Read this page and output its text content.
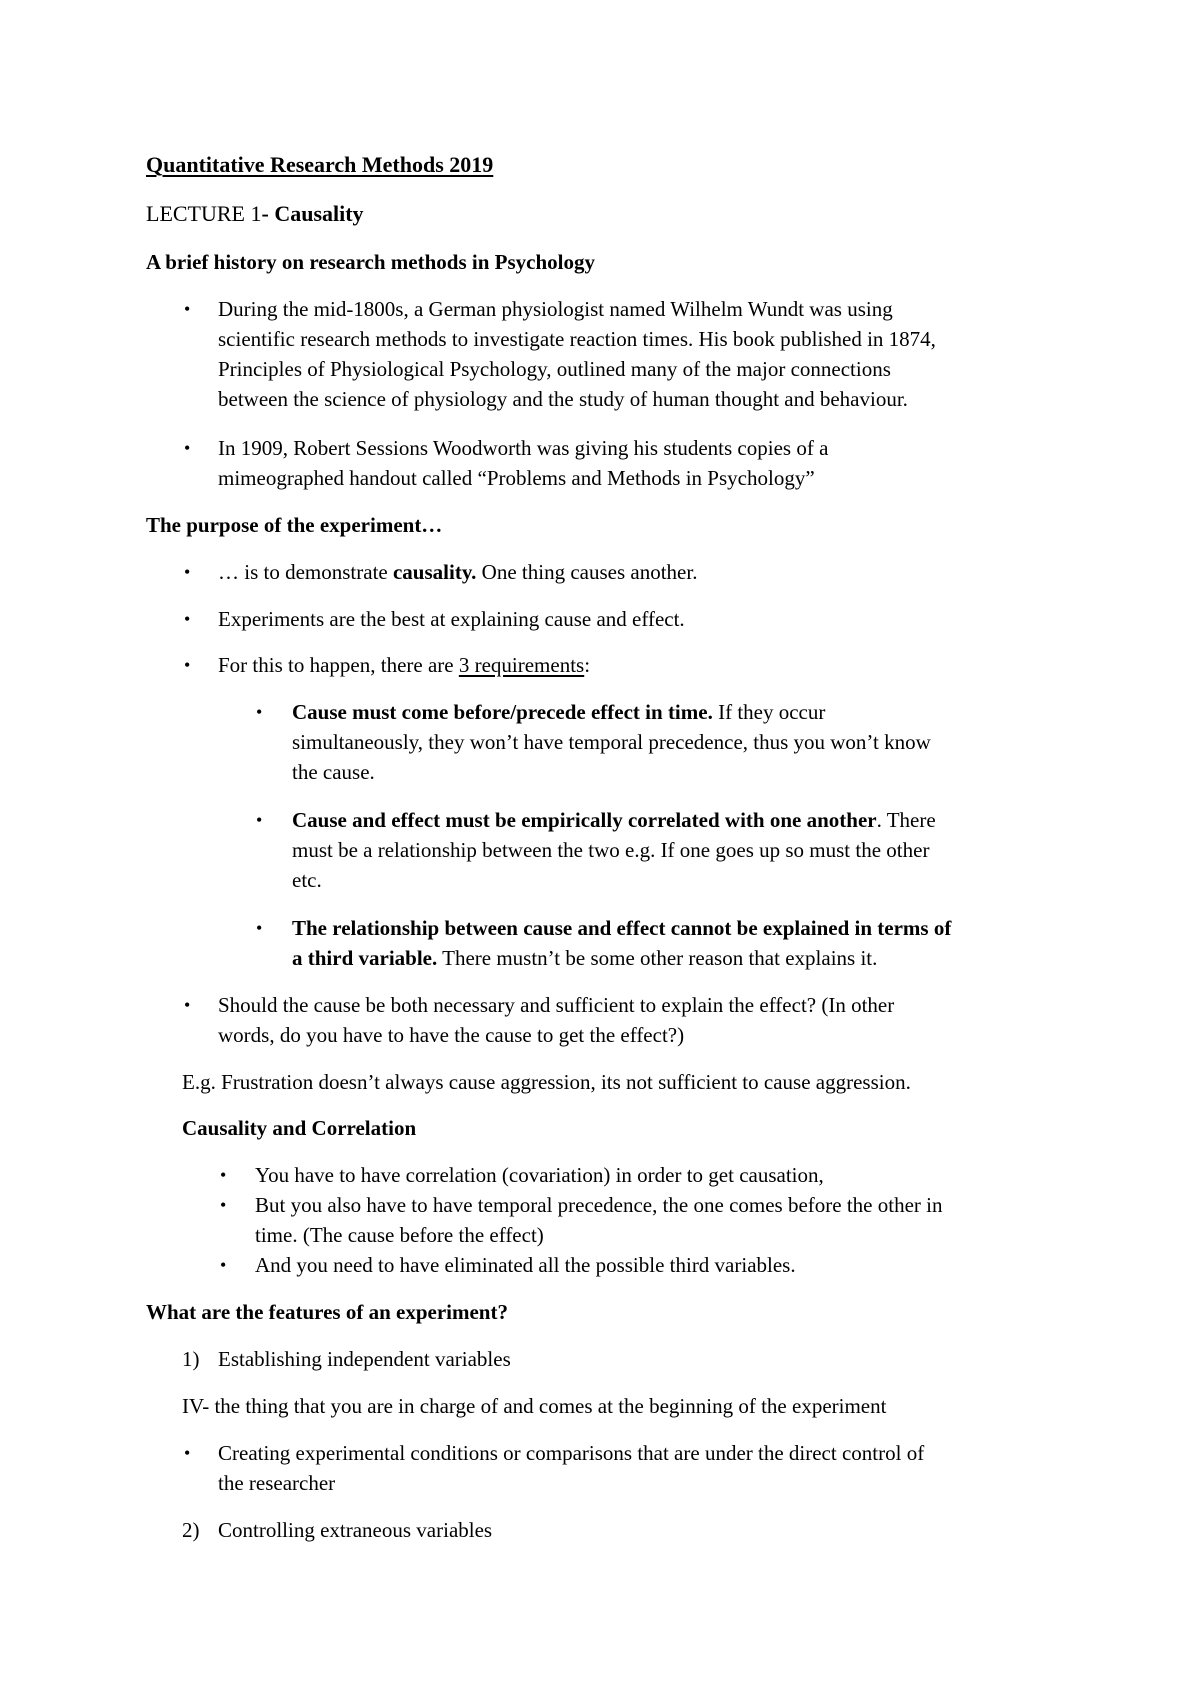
Quantitative Research Methods 2019
LECTURE 1- Causality
A brief history on research methods in Psychology
• During the mid-1800s, a German physiologist named Wilhelm Wundt was using
scientific research methods to investigate reaction times. His book published in 1874,
Principles of Physiological Psychology, outlined many of the major connections
between the science of physiology and the study of human thought and behaviour.
• In 1909, Robert Sessions Woodworth was giving his students copies of a
mimeographed handout called “Problems and Methods in Psychology”
The purpose of the experiment…
• … is to demonstrate causality. One thing causes another.
• Experiments are the best at explaining cause and effect.
• For this to happen, there are 3 requirements:
• Cause must come before/precede effect in time. If they occur
simultaneously, they won’t have temporal precedence, thus you won’t know
the cause.
• Cause and effect must be empirically correlated with one another. There
must be a relationship between the two e.g. If one goes up so must the other
etc.
• The relationship between cause and effect cannot be explained in terms of
a third variable. There mustn’t be some other reason that explains it.
• Should the cause be both necessary and sufficient to explain the effect? (In other
words, do you have to have the cause to get the effect?)
E.g. Frustration doesn’t always cause aggression, its not sufficient to cause aggression.
Causality and Correlation
• You have to have correlation (covariation) in order to get causation,
• But you also have to have temporal precedence, the one comes before the other in
time. (The cause before the effect)
• And you need to have eliminated all the possible third variables.
What are the features of an experiment?
1) Establishing independent variables
IV- the thing that you are in charge of and comes at the beginning of the experiment
• Creating experimental conditions or comparisons that are under the direct control of
the researcher
2) Controlling extraneous variables
